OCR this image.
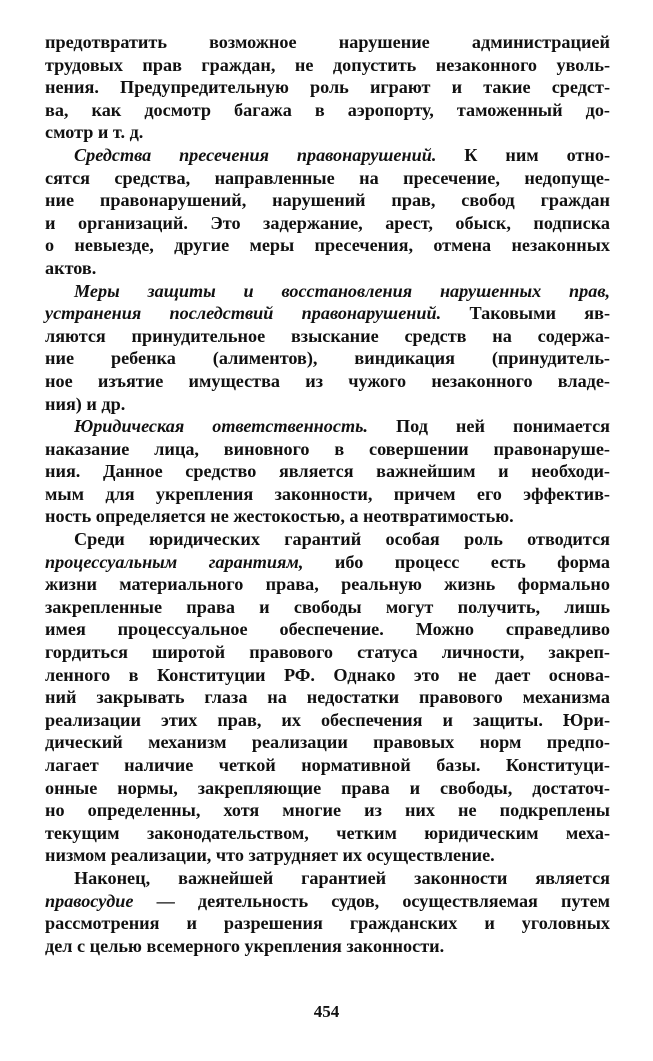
предотвратить возможное нарушение администрацией
трудовых прав граждан, не допустить незаконного уволь-
нения. Предупредительную роль играют и такие средст-
ва, как досмотр багажа в аэропорту, таможенный до-
смотр и т. д.
Средства пресечения правонарушений. К ним отно-
сятся средства, направленные на пресечение, недопуще-
ние правонарушений, нарушений прав, свобод граждан
и организаций. Это задержание, арест, обыск, подписка
о невыезде, другие меры пресечения, отмена незаконных
актов.
Меры защиты и восстановления нарушенных прав,
устранения последствий правонарушений. Таковыми яв-
ляются принудительное взыскание средств на содержа-
ние ребенка (алиментов), виндикация (принудитель-
ное изъятие имущества из чужого незаконного владе-
ния) и др.
Юридическая ответственность. Под ней понимается
наказание лица, виновного в совершении правонаруше-
ния. Данное средство является важнейшим и необходи-
мым для укрепления законности, причем его эффектив-
ность определяется не жестокостью, а неотвратимостью.
Среди юридических гарантий особая роль отводится
процессуальным гарантиям, ибо процесс есть форма
жизни материального права, реальную жизнь формально
закрепленные права и свободы могут получить, лишь
имея процессуальное обеспечение. Можно справедливо
гордиться широтой правового статуса личности, закреп-
ленного в Конституции РФ. Однако это не дает основа-
ний закрывать глаза на недостатки правового механизма
реализации этих прав, их обеспечения и защиты. Юри-
дический механизм реализации правовых норм предпо-
лагает наличие четкой нормативной базы. Конституци-
онные нормы, закрепляющие права и свободы, достаточ-
но определенны, хотя многие из них не подкреплены
текущим законодательством, четким юридическим меха-
низмом реализации, что затрудняет их осуществление.
Наконец, важнейшей гарантией законности является
правосудие — деятельность судов, осуществляемая путем
рассмотрения и разрешения гражданских и уголовных
дел с целью всемерного укрепления законности.
454
